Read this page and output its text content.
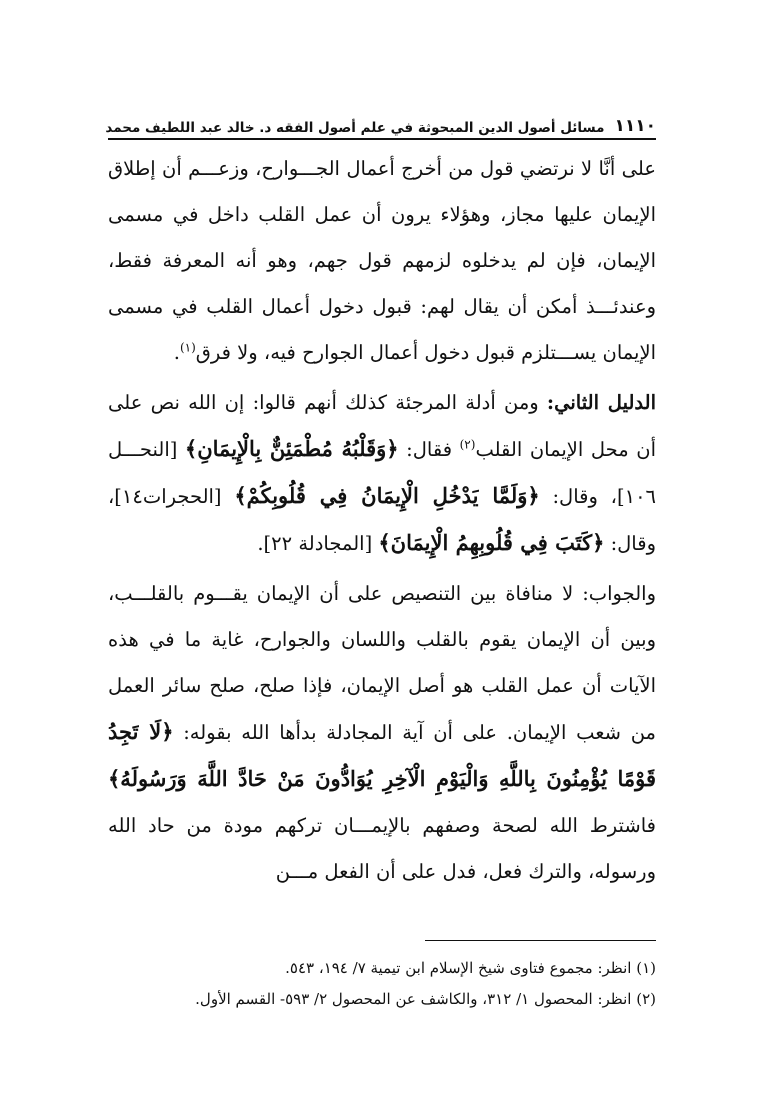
١١١٠
مسائل أصول الدين المبحوثة في علم أصول الفقه د. خالد عبد اللطيف محمد

على أنَّا لا نرتضي قول من أخرج أعمال الجـــوارح، وزعـــم أن إطلاق الإيمان عليها مجاز، وهؤلاء يرون أن عمل القلب داخل في مسمى الإيمان، فإن لم يدخلوه لزمهم قول جهم، وهو أنه المعرفة فقط، وعندئـــذ أمكن أن يقال لهم: قبول دخول أعمال القلب في مسمى الإيمان يســـتلزم قبول دخول أعمال الجوارح فيه، ولا فرق$^{(١)}$.

الدليل الثاني: ومن أدلة المرجئة كذلك أنهم قالوا: إن الله نص على أن محل الإيمان القلب$^{(٢)}$ فقال: ﴿وَقَلْبُهُ مُطْمَئِنٌّ بِالْإِيمَانِ﴾ [النحـــل ١٠٦]، وقال: ﴿وَلَمَّا يَدْخُلِ الْإِيمَانُ فِي قُلُوبِكُمْ﴾ [الحجرات١٤]، وقال: ﴿كَتَبَ فِي قُلُوبِهِمُ الْإِيمَانَ﴾ [المجادلة ٢٢].

والجواب: لا منافاة بين التنصيص على أن الإيمان يقـــوم بالقلـــب، وبين أن الإيمان يقوم بالقلب واللسان والجوارح، غاية ما في هذه الآيات أن عمل القلب هو أصل الإيمان، فإذا صلح، صلح سائر العمل من شعب الإيمان. على أن آية المجادلة بدأها الله بقوله: ﴿لَا تَجِدُ قَوْمًا يُؤْمِنُونَ بِاللَّهِ وَالْيَوْمِ الْآخِرِ يُوَادُّونَ مَنْ حَادَّ اللَّهَ وَرَسُولَهُ﴾ فاشترط الله لصحة وصفهم بالإيمـــان تركهم مودة من حاد الله ورسوله، والترك فعل، فدل على أن الفعل مـــن

(١) انظر: مجموع فتاوى شيخ الإسلام ابن تيمية ٧/ ١٩٤، ٥٤٣.

(٢) انظر: المحصول ١/ ٣١٢، والكاشف عن المحصول ٢/ ٥٩٣- القسم الأول.
